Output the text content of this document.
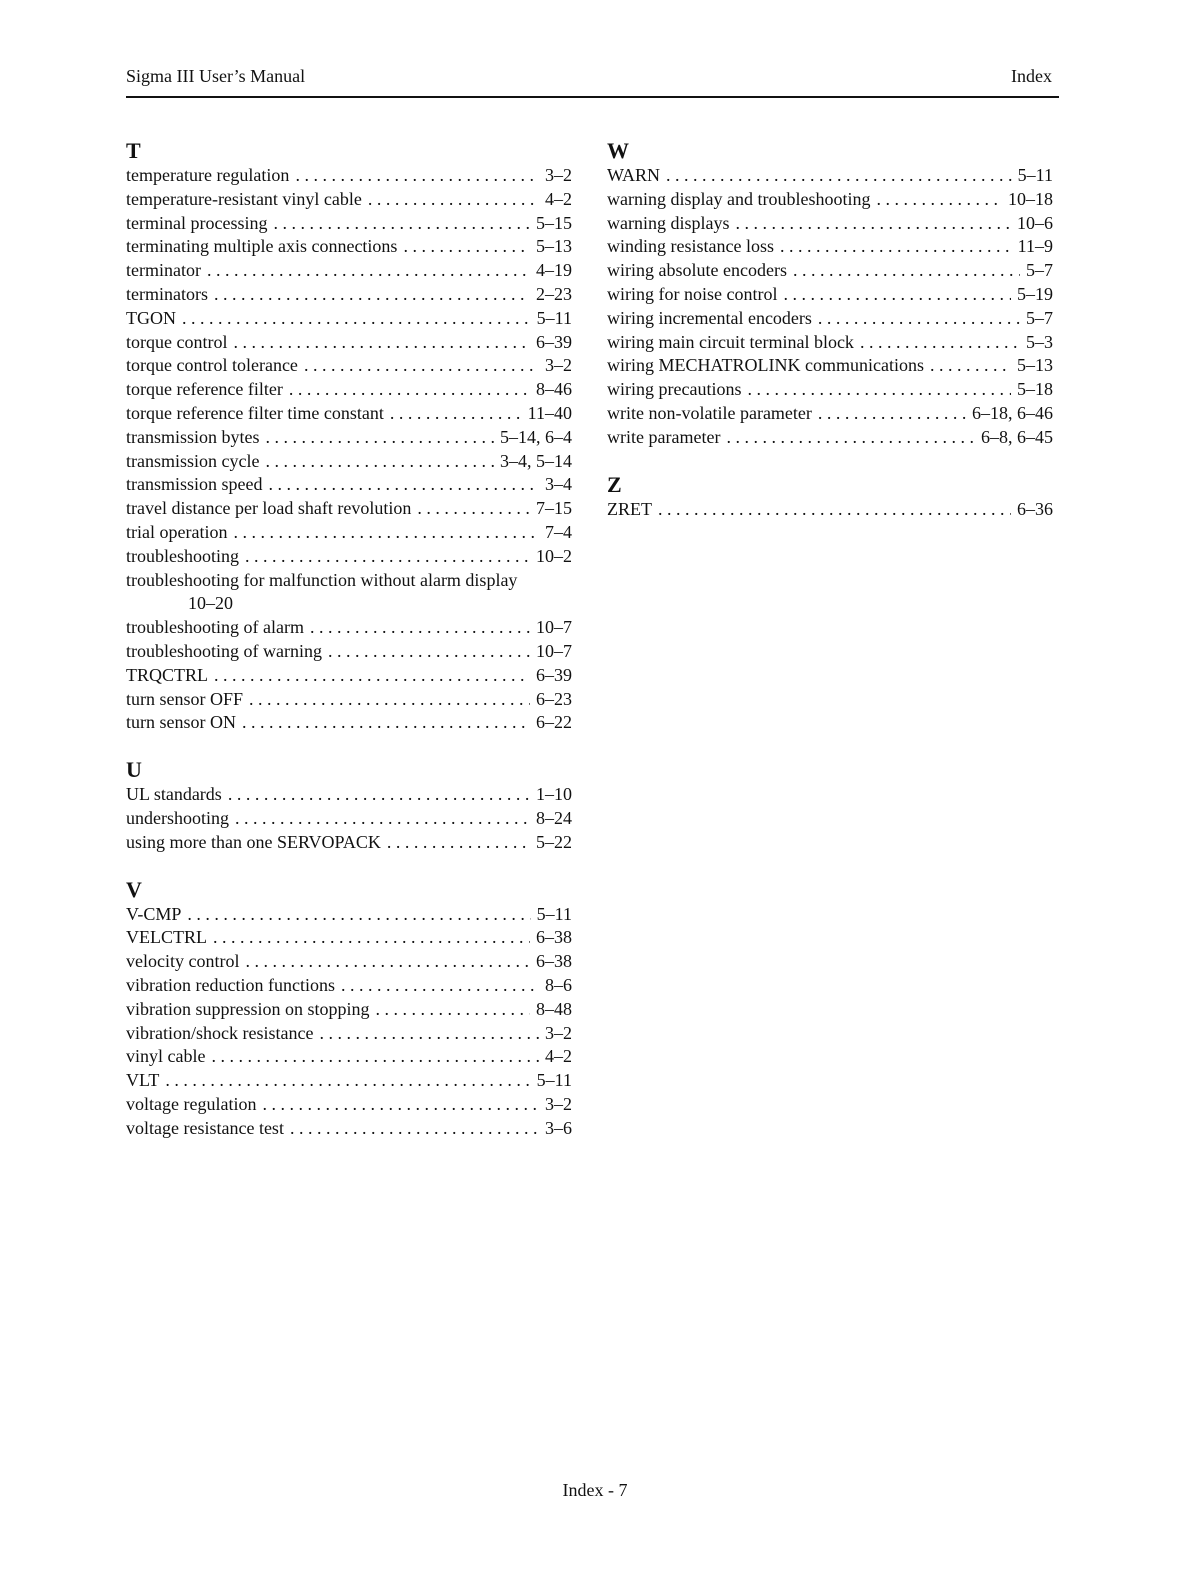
Sigma III User’s Manual	Index
T
temperature regulation . . .	3–2
temperature-resistant vinyl cable . . .	4–2
terminal processing . . .	5–15
terminating multiple axis connections . . .	5–13
terminator . . .	4–19
terminators . . .	2–23
TGON . . .	5–11
torque control . . .	6–39
torque control tolerance . . .	3–2
torque reference filter . . .	8–46
torque reference filter time constant . . .	11–40
transmission bytes . . .	5–14, 6–4
transmission cycle . . .	3–4, 5–14
transmission speed . . .	3–4
travel distance per load shaft revolution . . .	7–15
trial operation . . .	7–4
troubleshooting . . .	10–2
troubleshooting for malfunction without alarm display
10–20
troubleshooting of alarm . . .	10–7
troubleshooting of warning . . .	10–7
TRQCTRL . . .	6–39
turn sensor OFF . . .	6–23
turn sensor ON . . .	6–22
U
UL standards . . .	1–10
undershooting . . .	8–24
using more than one SERVOPACK . . .	5–22
V
V-CMP . . .	5–11
VELCTRL . . .	6–38
velocity control . . .	6–38
vibration reduction functions . . .	8–6
vibration suppression on stopping . . .	8–48
vibration/shock resistance . . .	3–2
vinyl cable . . .	4–2
VLT . . .	5–11
voltage regulation . . .	3–2
voltage resistance test . . .	3–6
W
WARN . . .	5–11
warning display and troubleshooting . . .	10–18
warning displays . . .	10–6
winding resistance loss . . .	11–9
wiring absolute encoders . . .	5–7
wiring for noise control . . .	5–19
wiring incremental encoders . . .	5–7
wiring main circuit terminal block . . .	5–3
wiring MECHATROLINK communications . . .	5–13
wiring precautions . . .	5–18
write non-volatile parameter . . .	6–18, 6–46
write parameter . . .	6–8, 6–45
Z
ZRET . . .	6–36
Index - 7
